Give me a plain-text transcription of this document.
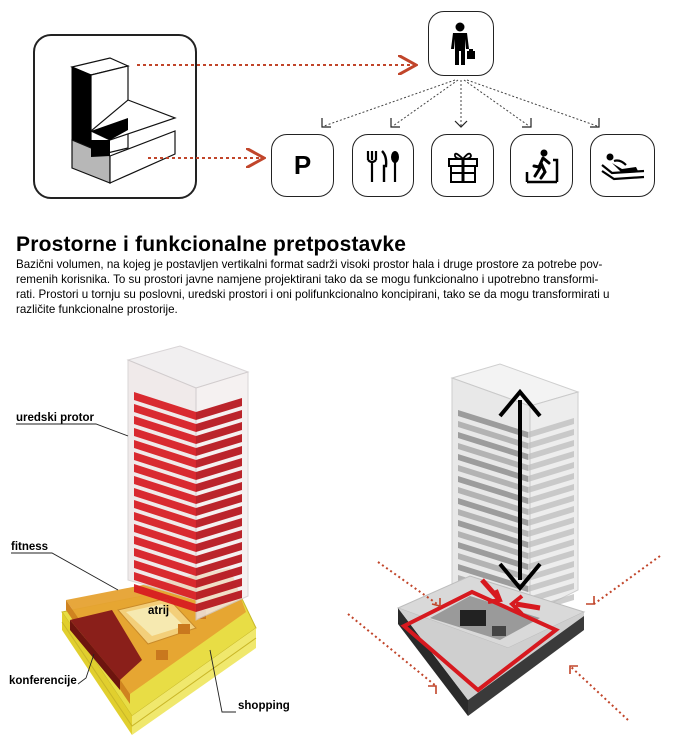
P
Prostorne i funkcionalne pretpostavke
Bazični volumen, na kojeg je postavljen vertikalni format sadrži visoki prostor hala i druge prostore za potrebe pov-
remenih korisnika. To su prostori javne namjene projektirani tako da se mogu funkcionalno i upotrebno transformi-
rati. Prostori u tornju su poslovni, uredski prostori i oni polifunkcionalno koncipirani, tako se da mogu transformirati u
različite funkcionalne prostorije.
uredski protor
fitness
atrij
konferencije
shopping
